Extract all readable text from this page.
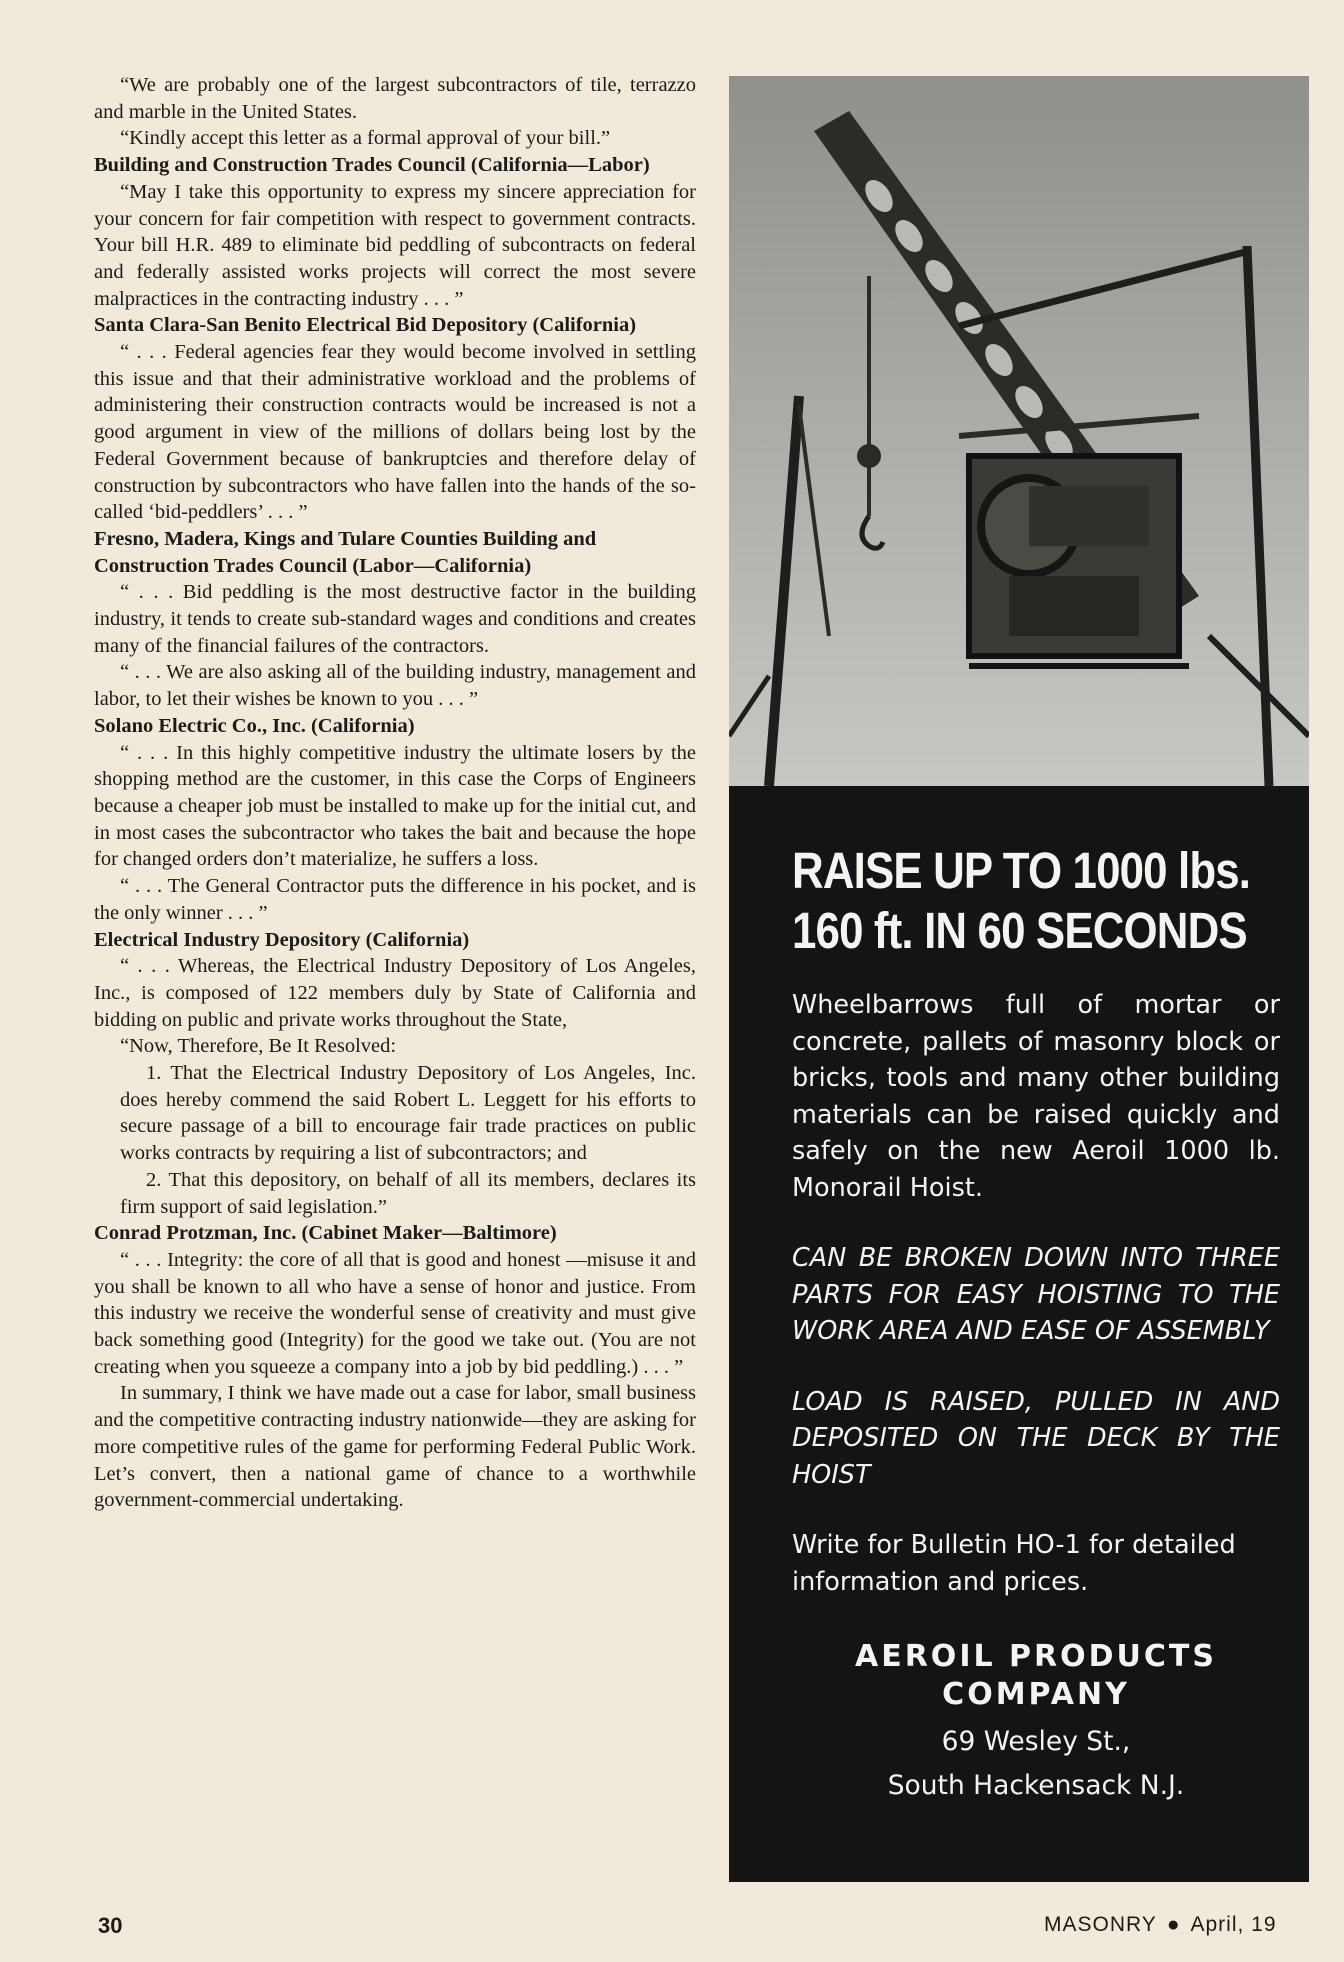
“We are probably one of the largest subcontractors of tile, terrazzo and marble in the United States.

“Kindly accept this letter as a formal approval of your bill.”

Building and Construction Trades Council (California—Labor)

“May I take this opportunity to express my sincere appreciation for your concern for fair competition with respect to government contracts. Your bill H.R. 489 to eliminate bid peddling of subcontracts on federal and federally assisted works projects will correct the most severe malpractices in the contracting industry . . . ”

Santa Clara-San Benito Electrical Bid Depository (California)

“ . . . Federal agencies fear they would become involved in settling this issue and that their administrative workload and the problems of administering their construction contracts would be increased is not a good argument in view of the millions of dollars being lost by the Federal Government because of bankruptcies and therefore delay of construction by subcontractors who have fallen into the hands of the so-called ‘bid-peddlers’ . . . ”

Fresno, Madera, Kings and Tulare Counties Building and Construction Trades Council (Labor—California)

“ . . . Bid peddling is the most destructive factor in the building industry, it tends to create sub-standard wages and conditions and creates many of the financial failures of the contractors.

“ . . . We are also asking all of the building industry, management and labor, to let their wishes be known to you . . . ”

Solano Electric Co., Inc. (California)

“ . . . In this highly competitive industry the ultimate losers by the shopping method are the customer, in this case the Corps of Engineers because a cheaper job must be installed to make up for the initial cut, and in most cases the subcontractor who takes the bait and because the hope for changed orders don’t materialize, he suffers a loss.

“ . . . The General Contractor puts the difference in his pocket, and is the only winner . . . ”

Electrical Industry Depository (California)

“ . . . Whereas, the Electrical Industry Depository of Los Angeles, Inc., is composed of 122 members duly by State of California and bidding on public and private works throughout the State,

“Now, Therefore, Be It Resolved:

1. That the Electrical Industry Depository of Los Angeles, Inc. does hereby commend the said Robert L. Leggett for his efforts to secure passage of a bill to encourage fair trade practices on public works contracts by requiring a list of subcontractors; and

2. That this depository, on behalf of all its members, declares its firm support of said legislation.”

Conrad Protzman, Inc. (Cabinet Maker—Baltimore)

“ . . . Integrity: the core of all that is good and honest —misuse it and you shall be known to all who have a sense of honor and justice. From this industry we receive the wonderful sense of creativity and must give back something good (Integrity) for the good we take out. (You are not creating when you squeeze a company into a job by bid peddling.) . . . ”

In summary, I think we have made out a case for labor, small business and the competitive contracting industry nationwide—they are asking for more competitive rules of the game for performing Federal Public Work. Let’s convert, then a national game of chance to a worthwhile government-commercial undertaking.

RAISE UP TO 1000 lbs.
160 ft. IN 60 SECONDS
Wheelbarrows full of mortar or concrete, pallets of masonry block or bricks, tools and many other building materials can be raised quickly and safely on the new Aeroil 1000 lb. Monorail Hoist.
CAN BE BROKEN DOWN INTO THREE PARTS FOR EASY HOISTING TO THE WORK AREA AND EASE OF ASSEMBLY
LOAD IS RAISED, PULLED IN AND DEPOSITED ON THE DECK BY THE HOIST
Write for Bulletin HO-1 for detailed information and prices.
AEROIL PRODUCTS
COMPANY
69 Wesley St.,
South Hackensack N.J.
30	MASONRY ● April, 19
